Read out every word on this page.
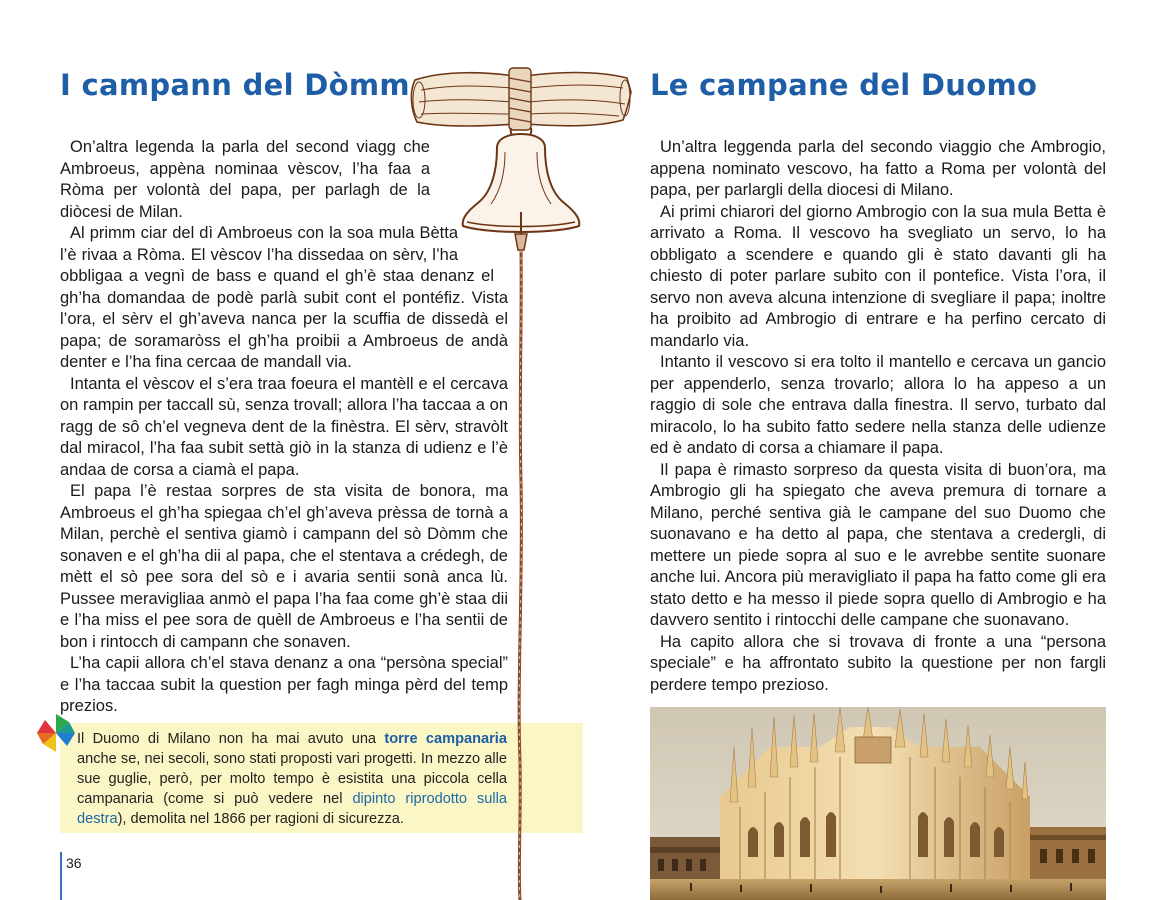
I campann del Dòmm

On’altra legenda la parla del second viagg che Ambroeus, appèna nominaa vèscov, l’ha faa a Ròma per volontà del papa, per parlagh de la diòcesi de Milan.

Al primm ciar del dì Ambroeus con la soa mula Bètta l’è rivaa a Ròma. El vèscov l’ha dissedaa on sèrv, l’ha obbligaa a vegnì de bass e quand el gh’è staa denanz el gh’ha domandaa de podè parlà subit cont el pontéfiz. Vista l’ora, el sèrv el gh’aveva nanca per la scuffia de dissedà el papa; de soramaròss el gh’ha proibii a Ambroeus de andà denter e l’ha fina cercaa de mandall via.

Intanta el vèscov el s’era traa foeura el mantèll e el cercava on rampin per taccall sù, senza trovall; allora l’ha taccaa a on ragg de sô ch’el vegneva dent de la finèstra. El sèrv, stravòlt dal miracol, l’ha faa subit settà giò in la stanza di udienz e l’è andaa de corsa a ciamà el papa.

El papa l’è restaa sorpres de sta visita de bonora, ma Ambroeus el gh’ha spiegaa ch’el gh’aveva prèssa de tornà a Milan, perchè el sentiva giamò i campann del sò Dòmm che sonaven e el gh’ha dii al papa, che el stentava a crédegh, de mètt el sò pee sora del sò e i avaria sentii sonà anca lù. Pussee meravigliaa anmò el papa l’ha faa come gh’è staa dii e l’ha miss el pee sora de quèll de Ambroeus e l’ha sentii de bon i rintocch di campann che sonaven.

L’ha capii allora ch’el stava denanz a ona “persòna special” e l’ha taccaa subit la question per fagh minga pèrd del temp prezios.

Il Duomo di Milano non ha mai avuto una torre campanaria anche se, nei secoli, sono stati proposti vari progetti. In mezzo alle sue guglie, però, per molto tempo è esistita una piccola cella campanaria (come si può vedere nel dipinto riprodotto sulla destra), demolita nel 1866 per ragioni di sicurezza.

36
Le campane del Duomo

Un’altra leggenda parla del secondo viaggio che Ambrogio, appena nominato vescovo, ha fatto a Roma per volontà del papa, per parlargli della diocesi di Milano.

Ai primi chiarori del giorno Ambrogio con la sua mula Betta è arrivato a Roma. Il vescovo ha svegliato un servo, lo ha obbligato a scendere e quando gli è stato davanti gli ha chiesto di poter parlare subito con il pontefice. Vista l’ora, il servo non aveva alcuna intenzione di svegliare il papa; inoltre ha proibito ad Ambrogio di entrare e ha perfino cercato di mandarlo via.

Intanto il vescovo si era tolto il mantello e cercava un gancio per appenderlo, senza trovarlo; allora lo ha appeso a un raggio di sole che entrava dalla finestra. Il servo, turbato dal miracolo, lo ha subito fatto sedere nella stanza delle udienze ed è andato di corsa a chiamare il papa.

Il papa è rimasto sorpreso da questa visita di buon’ora, ma Ambrogio gli ha spiegato che aveva premura di tornare a Milano, perché sentiva già le campane del suo Duomo che suonavano e ha detto al papa, che stentava a credergli, di mettere un piede sopra al suo e le avrebbe sentite suonare anche lui. Ancora più meravigliato il papa ha fatto come gli era stato detto e ha messo il piede sopra quello di Ambrogio e ha davvero sentito i rintocchi delle campane che suonavano.

Ha capito allora che si trovava di fronte a una “persona speciale” e ha affrontato subito la questione per non fargli perdere tempo prezioso.
